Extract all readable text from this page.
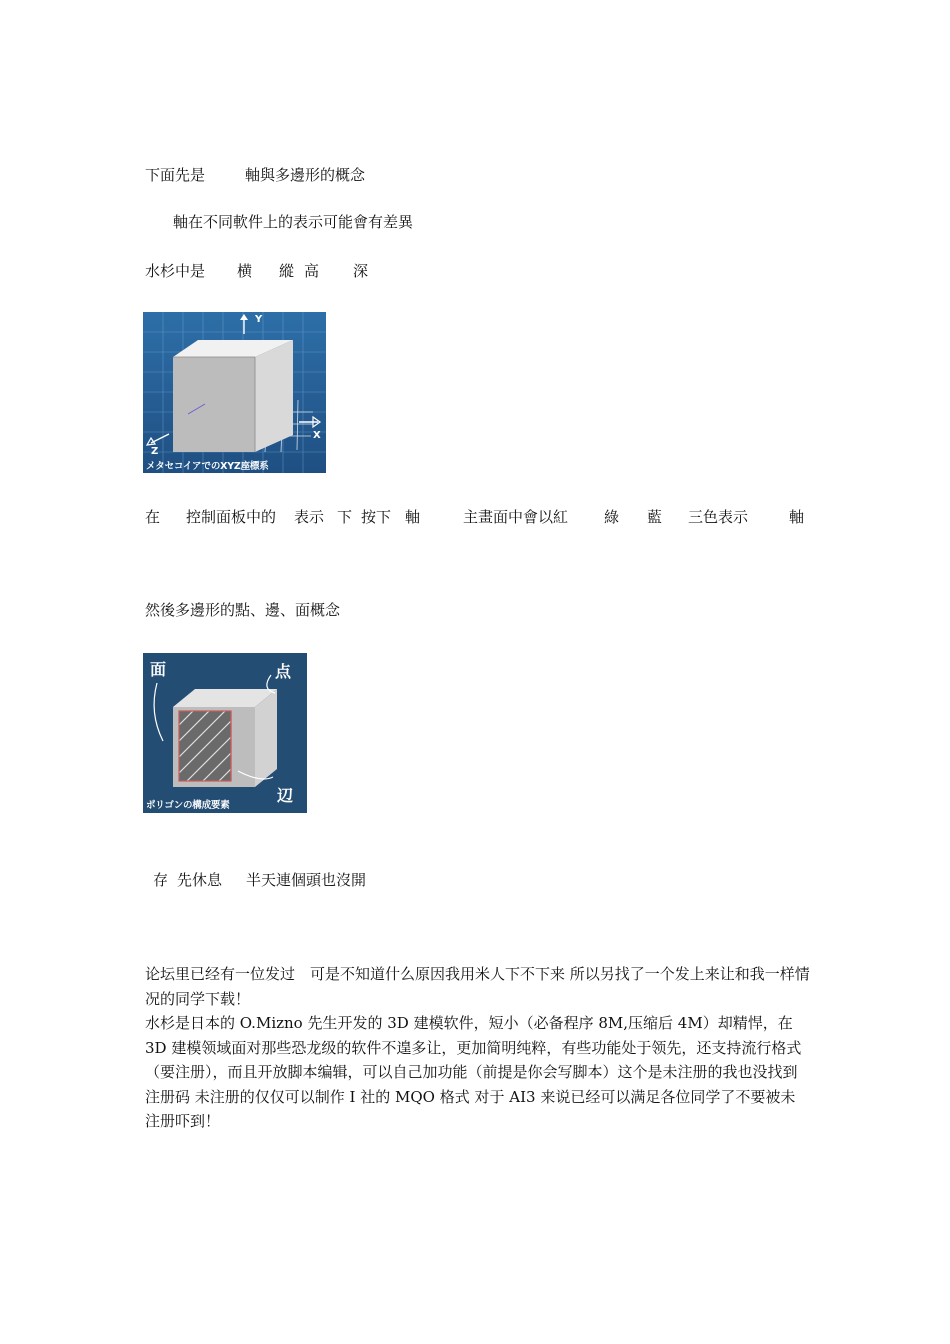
下面先是	軸與多邊形的概念
軸在不同軟件上的表示可能會有差異
水杉中是 横 縱 高 深
Y
X
Z
メタセコイアでのXYZ座標系
在 控制面板中的 表示 下 按下 軸	主畫面中會以紅 綠 藍 三色表示	軸
然後多邊形的點、邊、面概念
面	点
辺
ポリゴンの構成要素
存 先休息 半天連個頭也沒開
论坛里已经有一位发过　可是不知道什么原因我用米人下不下来 所以另找了一个发上来让和我一样情况的同学下载！
水杉是日本的 O.Mizno 先生开发的 3D 建模软件，短小（必备程序 8M,压缩后 4M）却精悍，在 3D 建模领域面对那些恐龙级的软件不遑多让，更加简明纯粹，有些功能处于领先，还支持流行格式（要注册），而且开放脚本编辑，可以自己加功能（前提是你会写脚本）这个是未注册的我也没找到注册码 未注册的仅仅可以制作 I 社的 MQO 格式 对于 AI3 来说已经可以满足各位同学了不要被未注册吓到！
